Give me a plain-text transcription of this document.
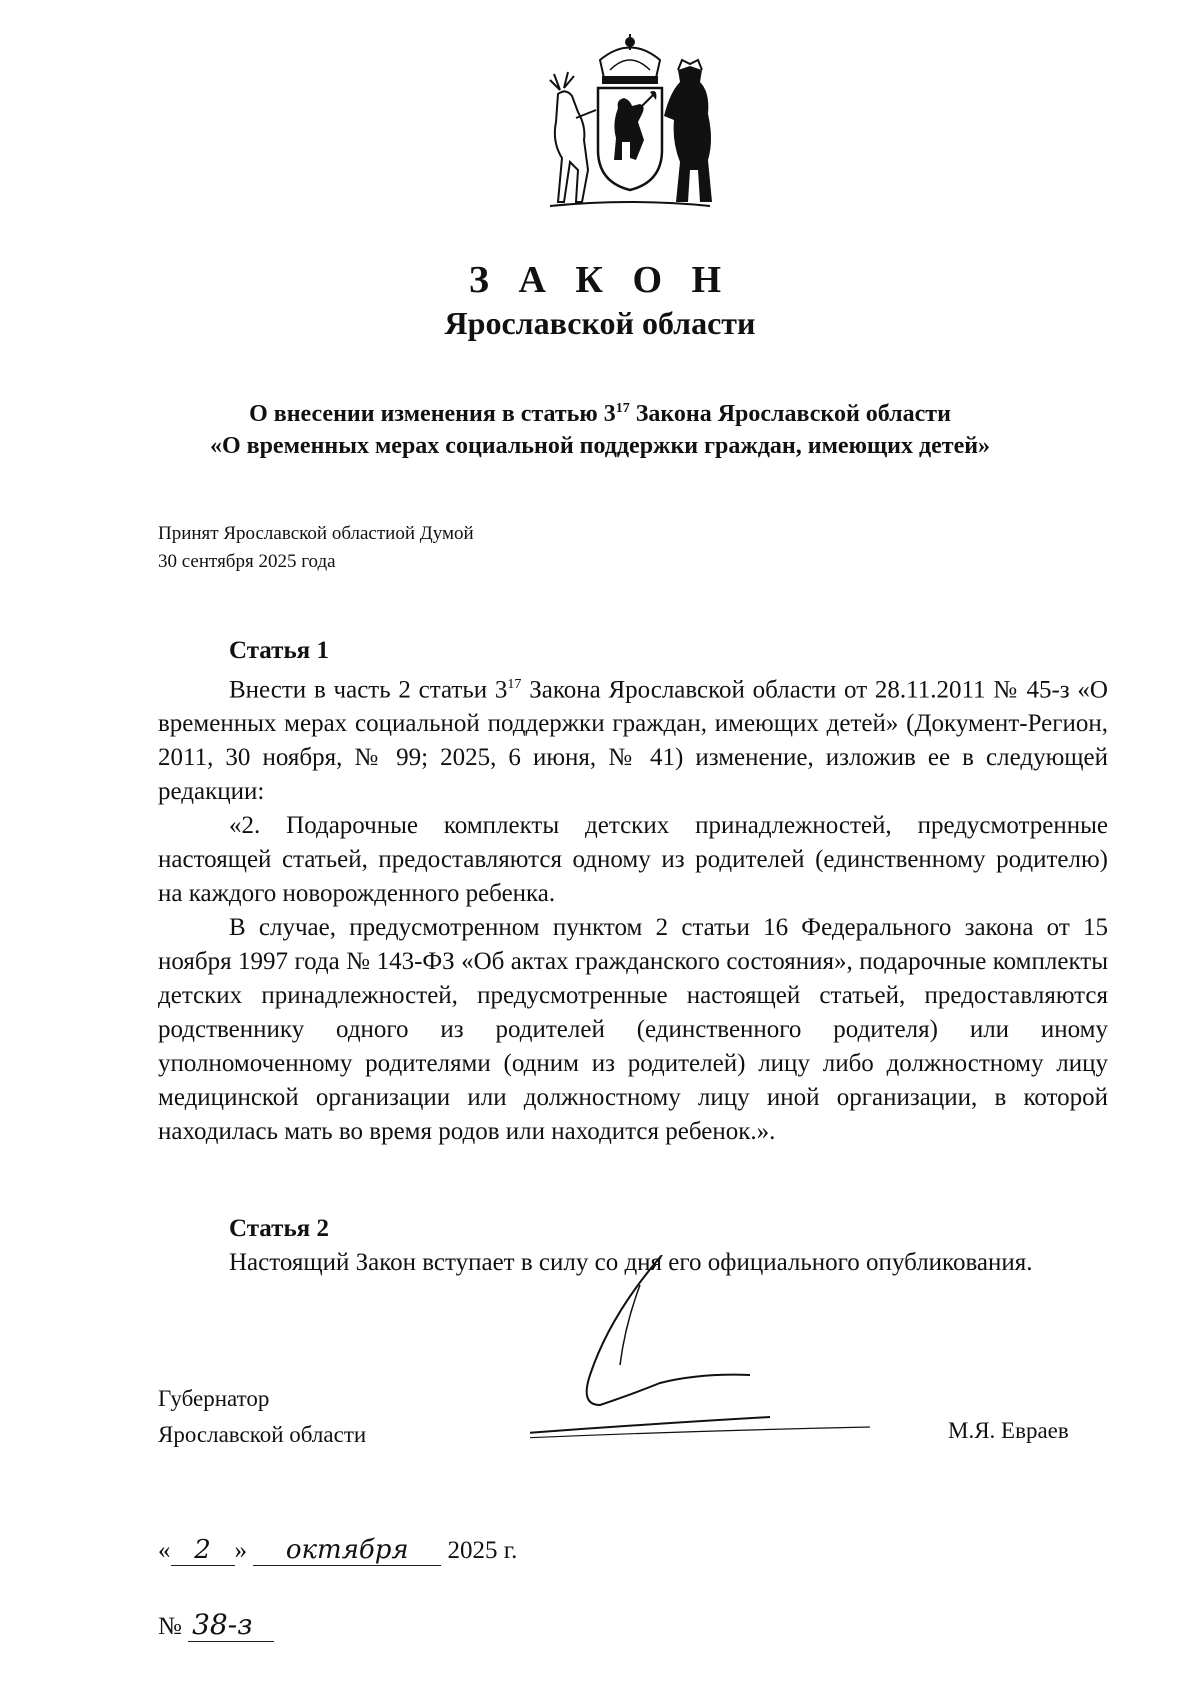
З А К О Н
Ярославской области
О внесении изменения в статью $3^{17}$ Закона Ярославской области
«О временных мерах социальной поддержки граждан, имеющих детей»
Принят Ярославской областиой Думой
30 сентября 2025 года

Статья 1

Внести в часть 2 статьи $3^{17}$ Закона Ярославской области от 28.11.2011 № 45-з «О временных мерах социальной поддержки граждан, имеющих детей» (Документ-Регион, 2011, 30 ноября, № 99; 2025, 6 июня, № 41) изменение, изложив ее в следующей редакции:

«2. Подарочные комплекты детских принадлежностей, предусмотренные настоящей статьей, предоставляются одному из родителей (единственному родителю) на каждого новорожденного ребенка.

В случае, предусмотренном пунктом 2 статьи 16 Федерального закона от 15 ноября 1997 года № 143-ФЗ «Об актах гражданского состояния», подарочные комплекты детских принадлежностей, предусмотренные настоящей статьей, предоставляются родственнику одного из родителей (единственного родителя) или иному уполномоченному родителями (одним из родителей) лицу либо должностному лицу медицинской организации или должностному лицу иной организации, в которой находилась мать во время родов или находится ребенок.».

Статья 2

Настоящий Закон вступает в силу со дня его официального опубликования.

Губернатор
Ярославской области	М.Я. Евраев
« 2 » октября 2025 г.
№ 38-з
